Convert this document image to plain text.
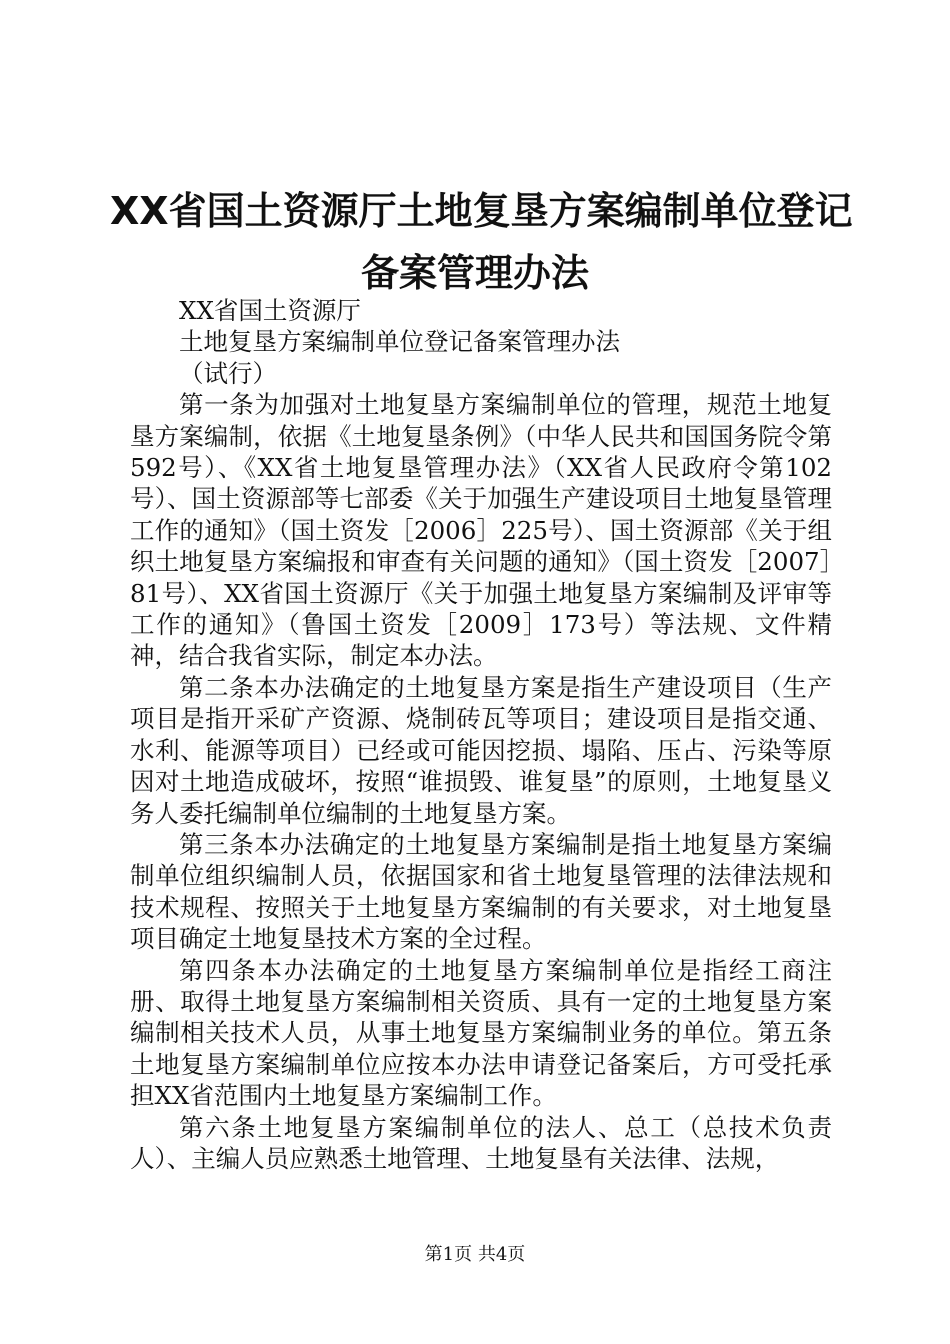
XX省国土资源厅土地复垦方案编制单位登记
备案管理办法

XX省国土资源厅

土地复垦方案编制单位登记备案管理办法

（试行）

第一条为加强对土地复垦方案编制单位的管理，规范土地复垦方案编制，依据《土地复垦条例》（中华人民共和国国务院令第592号）、《XX省土地复垦管理办法》（XX省人民政府令第102号）、国土资源部等七部委《关于加强生产建设项目土地复垦管理工作的通知》（国土资发［2006］225号）、国土资源部《关于组织土地复垦方案编报和审查有关问题的通知》（国土资发［2007］81号）、XX省国土资源厅《关于加强土地复垦方案编制及评审等工作的通知》（鲁国土资发［2009］173号）等法规、文件精神，结合我省实际，制定本办法。

第二条本办法确定的土地复垦方案是指生产建设项目（生产项目是指开采矿产资源、烧制砖瓦等项目；建设项目是指交通、水利、能源等项目）已经或可能因挖损、塌陷、压占、污染等原因对土地造成破坏，按照“谁损毁、谁复垦”的原则，土地复垦义务人委托编制单位编制的土地复垦方案。

第三条本办法确定的土地复垦方案编制是指土地复垦方案编制单位组织编制人员，依据国家和省土地复垦管理的法律法规和技术规程、按照关于土地复垦方案编制的有关要求，对土地复垦项目确定土地复垦技术方案的全过程。

第四条本办法确定的土地复垦方案编制单位是指经工商注册、取得土地复垦方案编制相关资质、具有一定的土地复垦方案编制相关技术人员，从事土地复垦方案编制业务的单位。第五条土地复垦方案编制单位应按本办法申请登记备案后，方可受托承担XX省范围内土地复垦方案编制工作。

第六条土地复垦方案编制单位的法人、总工（总技术负责人）、主编人员应熟悉土地管理、土地复垦有关法律、法规，

第1页 共4页
